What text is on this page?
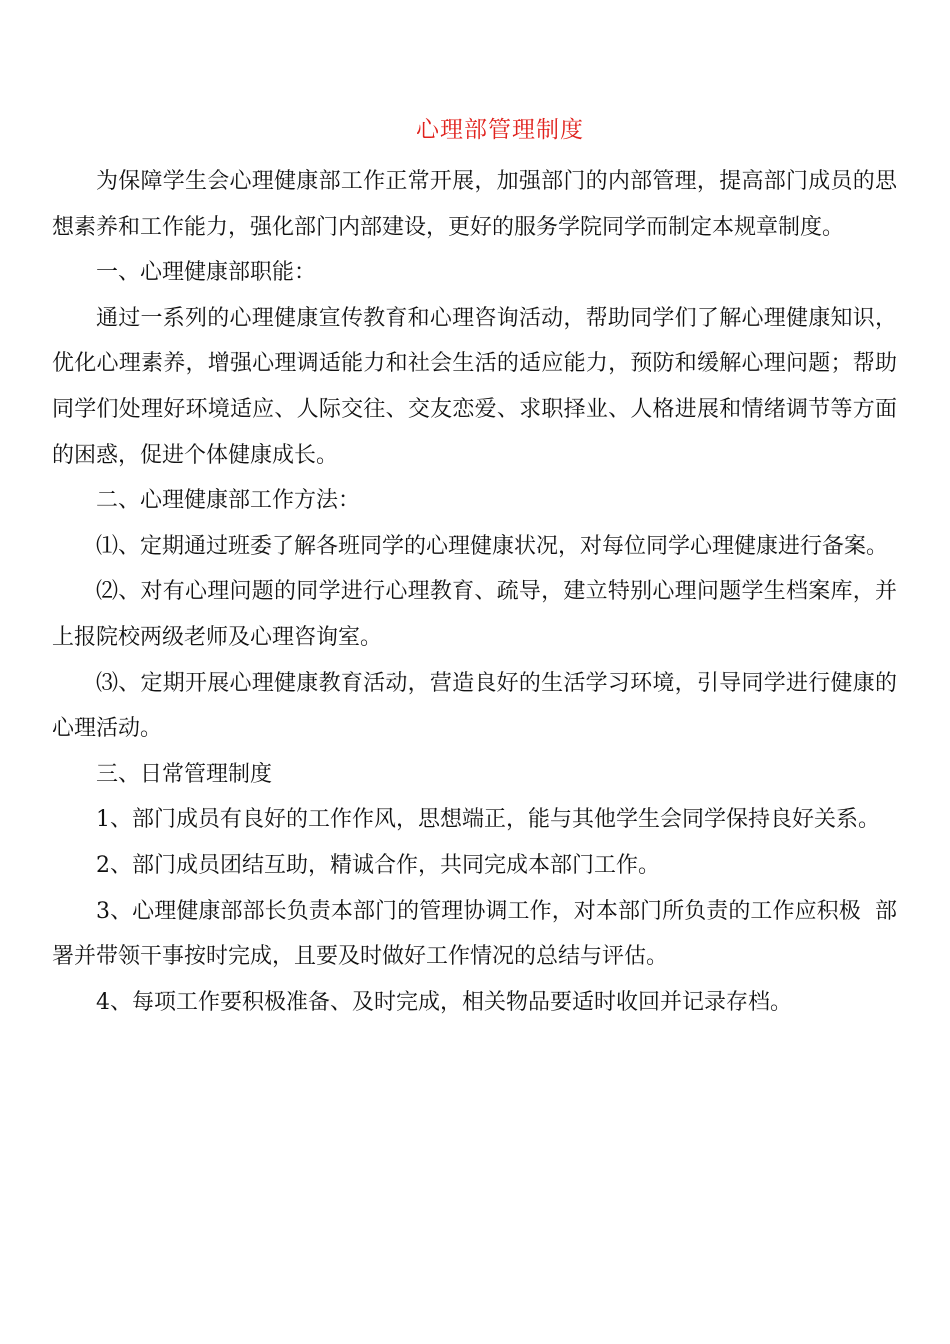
心理部管理制度

为保障学生会心理健康部工作正常开展，加强部门的内部管理，提高部门成员的思想素养和工作能力，强化部门内部建设，更好的服务学院同学而制定本规章制度。

一、心理健康部职能：

通过一系列的心理健康宣传教育和心理咨询活动，帮助同学们了解心理健康知识，优化心理素养，增强心理调适能力和社会生活的适应能力，预防和缓解心理问题；帮助同学们处理好环境适应、人际交往、交友恋爱、求职择业、人格进展和情绪调节等方面的困惑，促进个体健康成长。

二、心理健康部工作方法：

⑴、定期通过班委了解各班同学的心理健康状况，对每位同学心理健康进行备案。

⑵、对有心理问题的同学进行心理教育、疏导，建立特别心理问题学生档案库，并上报院校两级老师及心理咨询室。

⑶、定期开展心理健康教育活动，营造良好的生活学习环境，引导同学进行健康的心理活动。

三、日常管理制度

1、部门成员有良好的工作作风，思想端正，能与其他学生会同学保持良好关系。

2、部门成员团结互助，精诚合作，共同完成本部门工作。

3、心理健康部部长负责本部门的管理协调工作，对本部门所负责的工作应积极  部署并带领干事按时完成，且要及时做好工作情况的总结与评估。

4、每项工作要积极准备、及时完成，相关物品要适时收回并记录存档。
